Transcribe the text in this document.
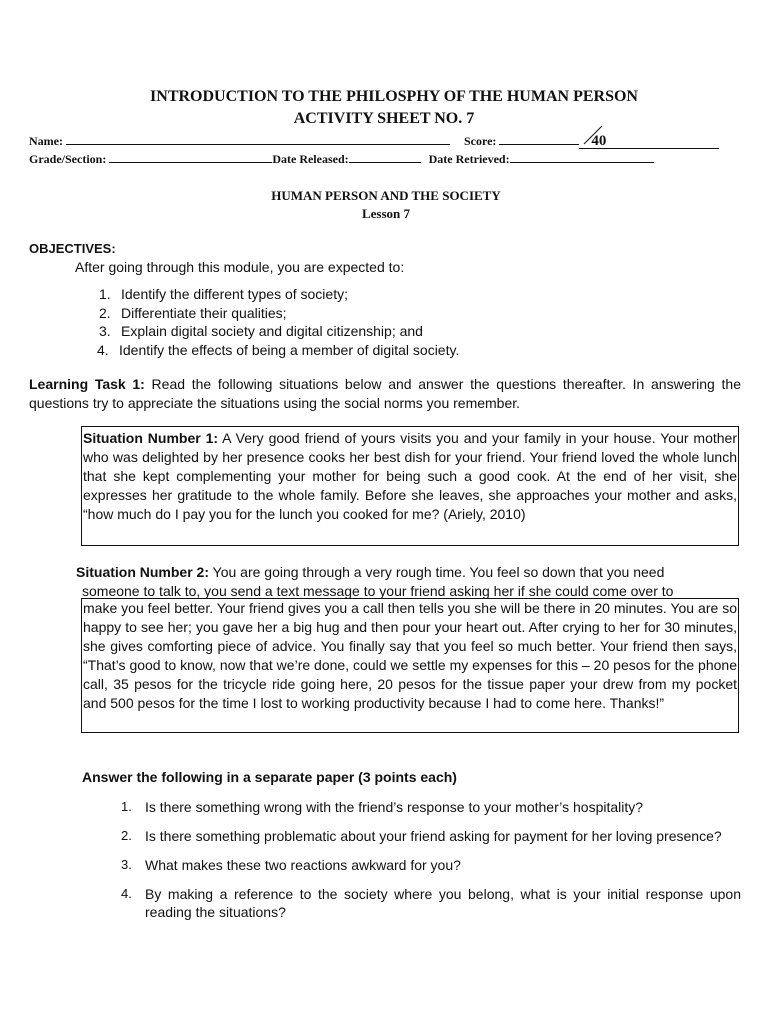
INTRODUCTION TO THE PHILOSPHY OF THE HUMAN PERSON
ACTIVITY SHEET NO. 7
Name:	Score:	40
Grade/Section:	Date Released:	Date Retrieved:
HUMAN PERSON AND THE SOCIETY
Lesson 7
OBJECTIVES:
After going through this module, you are expected to:
1. Identify the different types of society;
2. Differentiate their qualities;
3. Explain digital society and digital citizenship; and
4. Identify the effects of being a member of digital society.
Learning Task 1: Read the following situations below and answer the questions thereafter. In answering the questions try to appreciate the situations using the social norms you remember.
Situation Number 1: A Very good friend of yours visits you and your family in your house. Your mother who was delighted by her presence cooks her best dish for your friend. Your friend loved the whole lunch that she kept complementing your mother for being such a good cook. At the end of her visit, she expresses her gratitude to the whole family. Before she leaves, she approaches your mother and asks, “how much do I pay you for the lunch you cooked for me? (Ariely, 2010)
Situation Number 2: You are going through a very rough time. You feel so down that you need
someone to talk to, you send a text message to your friend asking her if she could come over to
make you feel better. Your friend gives you a call then tells you she will be there in 20 minutes. You are so happy to see her; you gave her a big hug and then pour your heart out. After crying to her for 30 minutes, she gives comforting piece of advice. You finally say that you feel so much better. Your friend then says, “That’s good to know, now that we’re done, could we settle my expenses for this – 20 pesos for the phone call, 35 pesos for the tricycle ride going here, 20 pesos for the tissue paper your drew from my pocket and 500 pesos for the time I lost to working productivity because I had to come here. Thanks!”
Answer the following in a separate paper (3 points each)
1. Is there something wrong with the friend’s response to your mother’s hospitality?
2. Is there something problematic about your friend asking for payment for her loving presence?
3. What makes these two reactions awkward for you?
4. By making a reference to the society where you belong, what is your initial response upon reading the situations?
